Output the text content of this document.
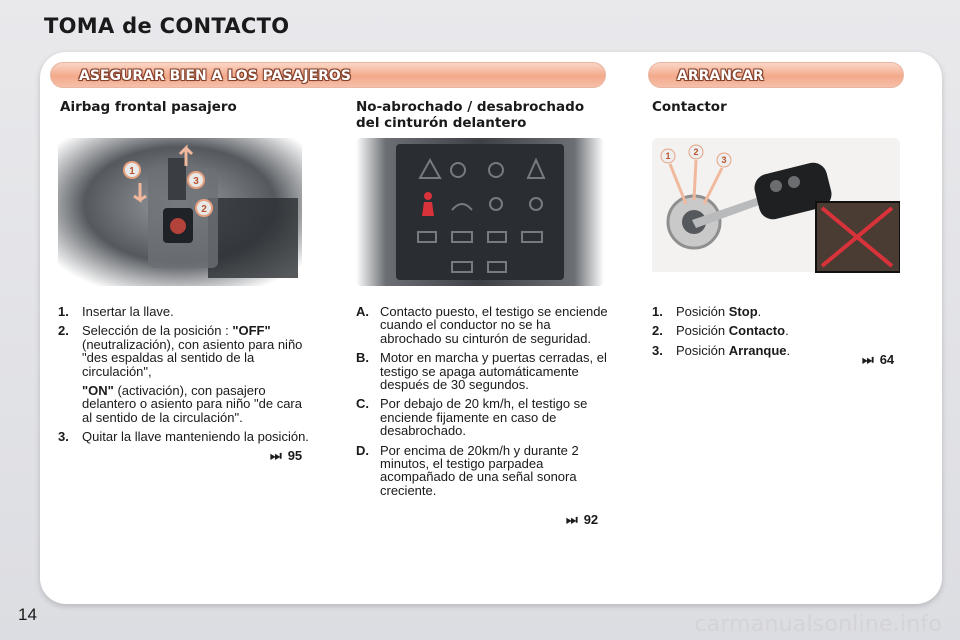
TOMA de CONTACTO
ASEGURAR BIEN A LOS PASAJEROS	ARRANCAR
Airbag frontal pasajero
1
3
2
1. Insertar la llave.
2. Selección de la posición : "OFF" (neutralización), con asiento para niño "des espaldas al sentido de la circulación",
"ON" (activación), con pasajero delantero o asiento para niño "de cara al sentido de la circulación".
3. Quitar la llave manteniendo la posición.
⏭ 95
No-abrochado / desabrochado
del cinturón delantero
A. Contacto puesto, el testigo se enciende cuando el conductor no se ha abrochado su cinturón de seguridad.
B. Motor en marcha y puertas cerradas, el testigo se apaga automáticamente después de 30 segundos.
C. Por debajo de 20 km/h, el testigo se enciende fijamente en caso de desabrochado.
D. Por encima de 20km/h y durante 2 minutos, el testigo parpadea acompañado de una señal sonora creciente.
⏭ 92
Contactor
1	2
3
1. Posición Stop.
2. Posición Contacto.
3. Posición Arranque.
⏭ 64
14	carmanualsonline.info
